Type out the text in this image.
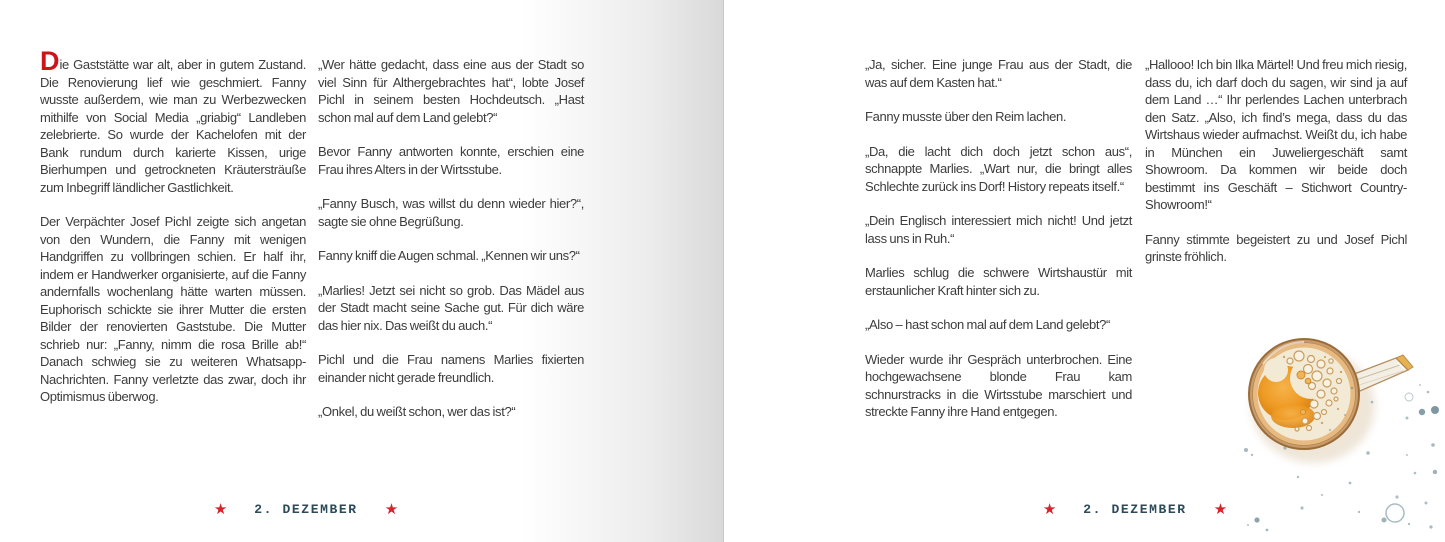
Die Gaststätte war alt, aber in gutem Zustand. Die Renovierung lief wie geschmiert. Fanny wusste außerdem, wie man zu Werbezwecken mithilfe von Social Media „griabig“ Landleben zelebrierte. So wurde der Kachelofen mit der Bank rundum durch karierte Kissen, urige Bierhumpen und getrockneten Kräutersträuße zum Inbegriff ländlicher Gastlichkeit.

Der Verpächter Josef Pichl zeigte sich angetan von den Wundern, die Fanny mit wenigen Handgriffen zu vollbringen schien. Er half ihr, indem er Handwerker organisierte, auf die Fanny andernfalls wochenlang hätte warten müssen. Euphorisch schickte sie ihrer Mutter die ersten Bilder der renovierten Gaststube. Die Mutter schrieb nur: „Fanny, nimm die rosa Brille ab!“ Danach schwieg sie zu weiteren Whatsapp-Nachrichten. Fanny verletzte das zwar, doch ihr Optimismus überwog.

„Wer hätte gedacht, dass eine aus der Stadt so viel Sinn für Althergebrachtes hat“, lobte Josef Pichl in seinem besten Hochdeutsch. „Hast schon mal auf dem Land gelebt?“

Bevor Fanny antworten konnte, erschien eine Frau ihres Alters in der Wirtsstube.

„Fanny Busch, was willst du denn wieder hier?“, sagte sie ohne Begrüßung.

Fanny kniff die Augen schmal. „Kennen wir uns?“

„Marlies! Jetzt sei nicht so grob. Das Mädel aus der Stadt macht seine Sache gut. Für dich wäre das hier nix. Das weißt du auch.“

Pichl und die Frau namens Marlies fixierten einander nicht gerade freundlich.

„Onkel, du weißt schon, wer das ist?“

„Ja, sicher. Eine junge Frau aus der Stadt, die was auf dem Kasten hat.“

Fanny musste über den Reim lachen.

„Da, die lacht dich doch jetzt schon aus“, schnappte Marlies. „Wart nur, die bringt alles Schlechte zurück ins Dorf! History repeats itself.“

„Dein Englisch interessiert mich nicht! Und jetzt lass uns in Ruh.“

Marlies schlug die schwere Wirtshaustür mit erstaunlicher Kraft hinter sich zu.

„Also – hast schon mal auf dem Land gelebt?“

Wieder wurde ihr Gespräch unterbrochen. Eine hochgewachsene blonde Frau kam schnurstracks in die Wirtsstube marschiert und streckte Fanny ihre Hand entgegen.

„Hallooo! Ich bin Ilka Märtel! Und freu mich riesig, dass du, ich darf doch du sagen, wir sind ja auf dem Land …“ Ihr perlendes Lachen unterbrach den Satz. „Also, ich find’s mega, dass du das Wirtshaus wieder aufmachst. Weißt du, ich habe in München ein Juweliergeschäft samt Showroom. Da kommen wir beide doch bestimmt ins Geschäft – Stichwort Country-Showroom!“

Fanny stimmte begeistert zu und Josef Pichl grinste fröhlich.

★ 2. DEZEMBER ★	★ 2. DEZEMBER ★
